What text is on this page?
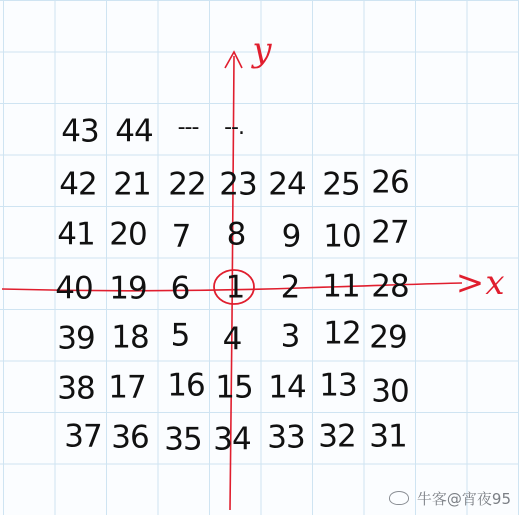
43 44 --- --.
42 21 22 23 24 25 26
41 20 7 8 9 10 27
40 19 6 1 2 11 28
39 18 5 4 3 12 29
38 17 16 15 14 13 30
37 36 35 34 33 32 31
y
> x
牛客@宵夜95
